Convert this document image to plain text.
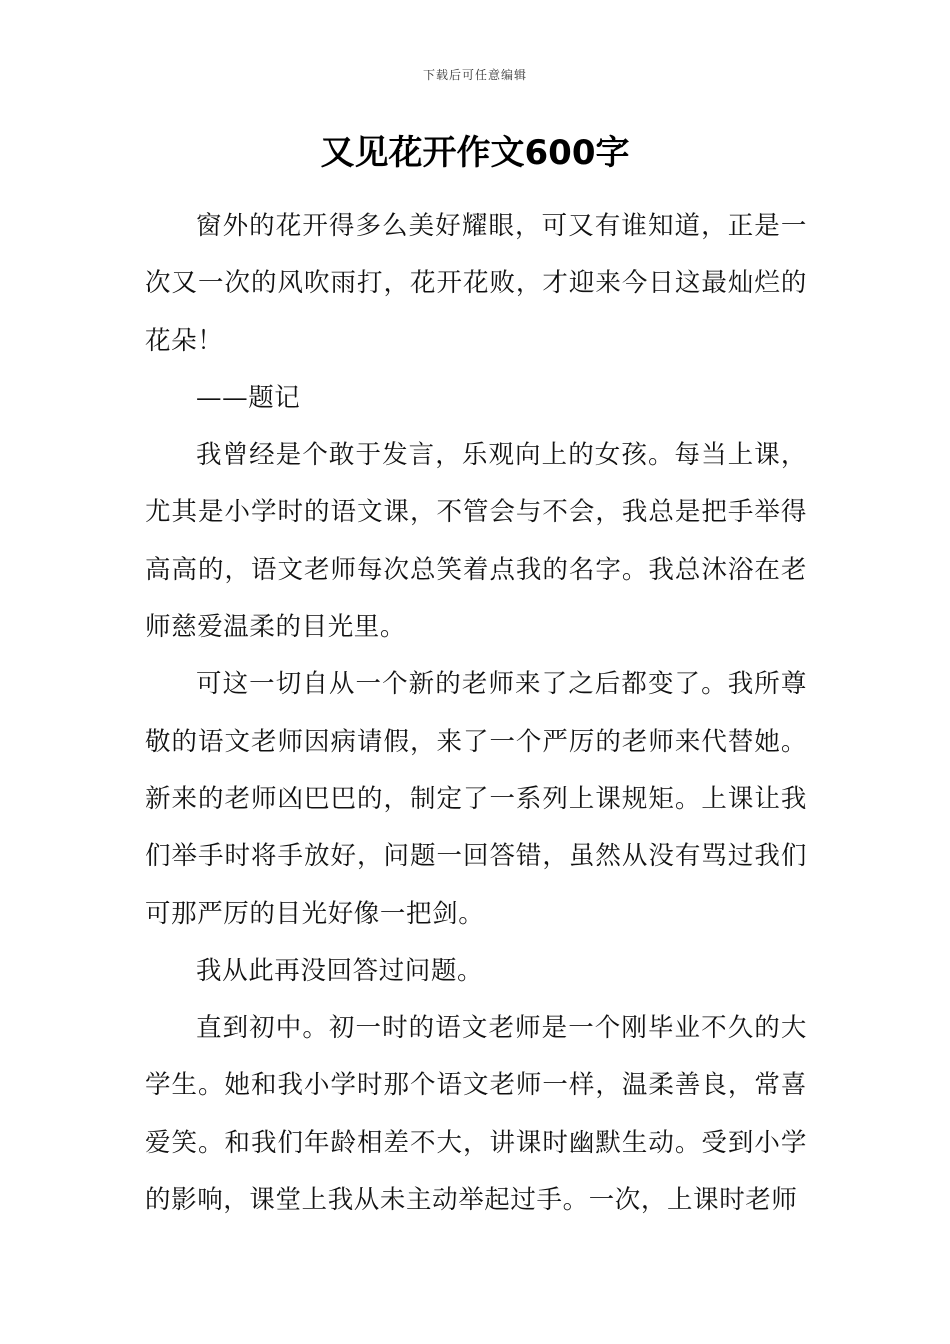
下载后可任意编辑
又见花开作文600字

窗外的花开得多么美好耀眼，可又有谁知道，正是一次又一次的风吹雨打，花开花败，才迎来今日这最灿烂的花朵！

——题记

我曾经是个敢于发言，乐观向上的女孩。每当上课，尤其是小学时的语文课，不管会与不会，我总是把手举得高高的，语文老师每次总笑着点我的名字。我总沐浴在老师慈爱温柔的目光里。

可这一切自从一个新的老师来了之后都变了。我所尊敬的语文老师因病请假，来了一个严厉的老师来代替她。新来的老师凶巴巴的，制定了一系列上课规矩。上课让我们举手时将手放好，问题一回答错，虽然从没有骂过我们可那严厉的目光好像一把剑。

我从此再没回答过问题。

直到初中。初一时的语文老师是一个刚毕业不久的大学生。她和我小学时那个语文老师一样，温柔善良，常喜爱笑。和我们年龄相差不大，讲课时幽默生动。受到小学的影响，课堂上我从未主动举起过手。一次，上课时老师
